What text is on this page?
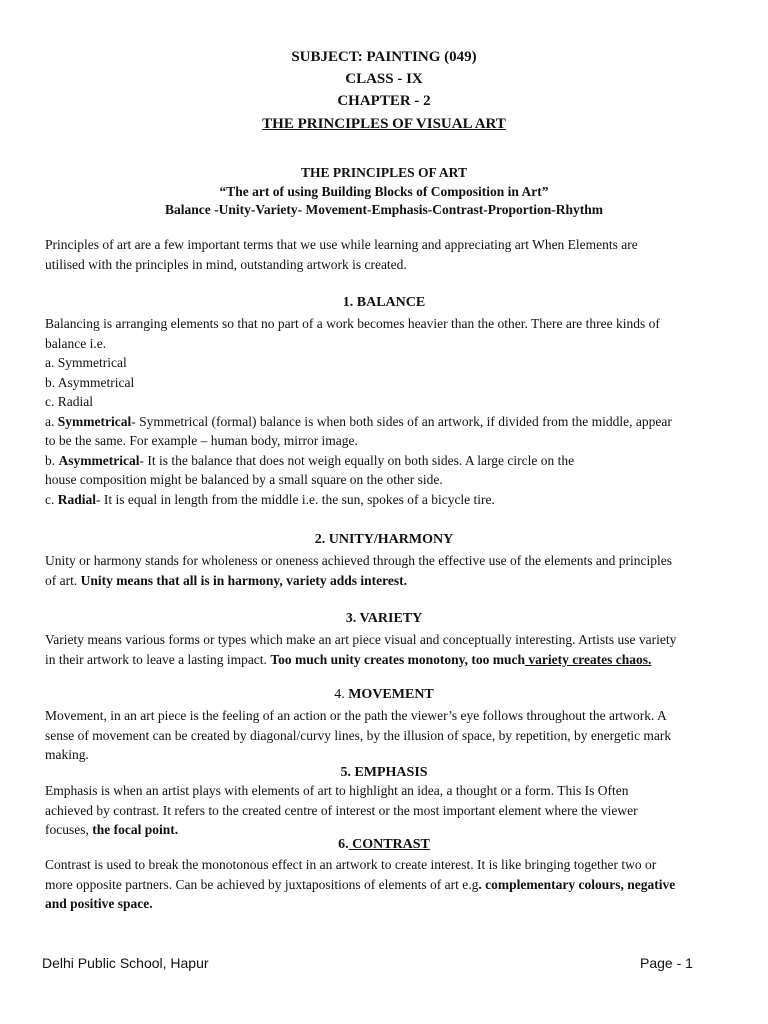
SUBJECT: PAINTING (049)
CLASS - IX
CHAPTER - 2
THE PRINCIPLES OF VISUAL ART
THE PRINCIPLES OF ART
“The art of using Building Blocks of Composition in Art”
Balance -Unity-Variety- Movement-Emphasis-Contrast-Proportion-Rhythm
Principles of art are a few important terms that we use while learning and appreciating art When Elements are
utilised with the principles in mind, outstanding artwork is created.
1. BALANCE
Balancing is arranging elements so that no part of a work becomes heavier than the other. There are three kinds of
balance i.e.
a. Symmetrical
b. Asymmetrical
c. Radial
a. Symmetrical- Symmetrical (formal) balance is when both sides of an artwork, if divided from the middle, appear
to be the same. For example – human body, mirror image.
b. Asymmetrical- It is the balance that does not weigh equally on both sides. A large circle on the
house composition might be balanced by a small square on the other side.
c. Radial- It is equal in length from the middle i.e. the sun, spokes of a bicycle tire.
2. UNITY/HARMONY
Unity or harmony stands for wholeness or oneness achieved through the effective use of the elements and principles
of art. Unity means that all is in harmony, variety adds interest.
3. VARIETY
Variety means various forms or types which make an art piece visual and conceptually interesting. Artists use variety
in their artwork to leave a lasting impact. Too much unity creates monotony, too much variety creates chaos.
4. MOVEMENT
Movement, in an art piece is the feeling of an action or the path the viewer’s eye follows throughout the artwork. A
sense of movement can be created by diagonal/curvy lines, by the illusion of space, by repetition, by energetic mark
making.
5. EMPHASIS
Emphasis is when an artist plays with elements of art to highlight an idea, a thought or a form. This Is Often
achieved by contrast. It refers to the created centre of interest or the most important element where the viewer
focuses, the focal point.
6. CONTRAST
Contrast is used to break the monotonous effect in an artwork to create interest. It is like bringing together two or
more opposite partners. Can be achieved by juxtapositions of elements of art e.g. complementary colours, negative
and positive space.
Delhi Public School, Hapur	Page - 1
